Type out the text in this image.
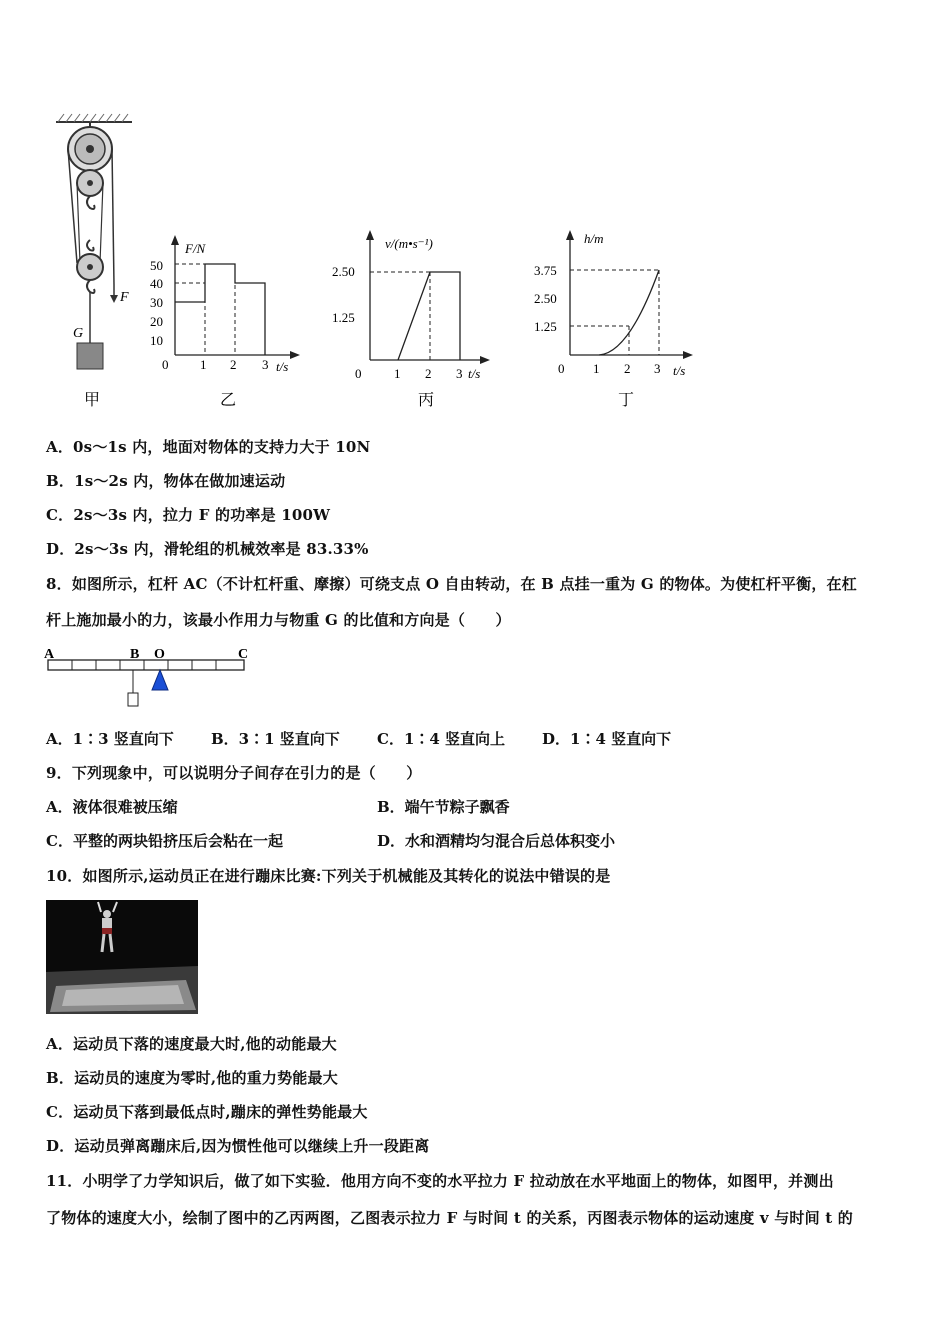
F
G
甲
F/N
t/s
50
40
30
20
10
0 1 2 3
乙
v/(m•s⁻¹)
t/s
2.50
1.25
0	1 2 3
丙
h/m
t/s
3.75
2.50
1.25
0 1 2 3
丁
A．0s～1s 内，地面对物体的支持力大于 10N
B．1s～2s 内，物体在做加速运动
C．2s～3s 内，拉力 F 的功率是 100W
D．2s～3s 内，滑轮组的机械效率是 83.33%
8．如图所示，杠杆 AC（不计杠杆重、摩擦）可绕支点 O 自由转动，在 B 点挂一重为 G 的物体。为使杠杆平衡，在杠
杆上施加最小的力，该最小作用力与物重 G 的比值和方向是（　　）
A	B O	C
A．1∶3 竖直向下 B．3∶1 竖直向下 C．1∶4 竖直向上 D．1∶4 竖直向下
9．下列现象中，可以说明分子间存在引力的是（　　）
A．液体很难被压缩	B．端午节粽子飘香
C．平整的两块铅挤压后会粘在一起	D．水和酒精均匀混合后总体积变小
10．如图所示,运动员正在进行蹦床比赛:下列关于机械能及其转化的说法中错误的是
A．运动员下落的速度最大时,他的动能最大
B．运动员的速度为零时,他的重力势能最大
C．运动员下落到最低点时,蹦床的弹性势能最大
D．运动员弹离蹦床后,因为惯性他可以继续上升一段距离
11．小明学了力学知识后，做了如下实验．他用方向不变的水平拉力 F 拉动放在水平地面上的物体，如图甲，并测出
了物体的速度大小，绘制了图中的乙丙两图，乙图表示拉力 F 与时间 t 的关系，丙图表示物体的运动速度 v 与时间 t 的
